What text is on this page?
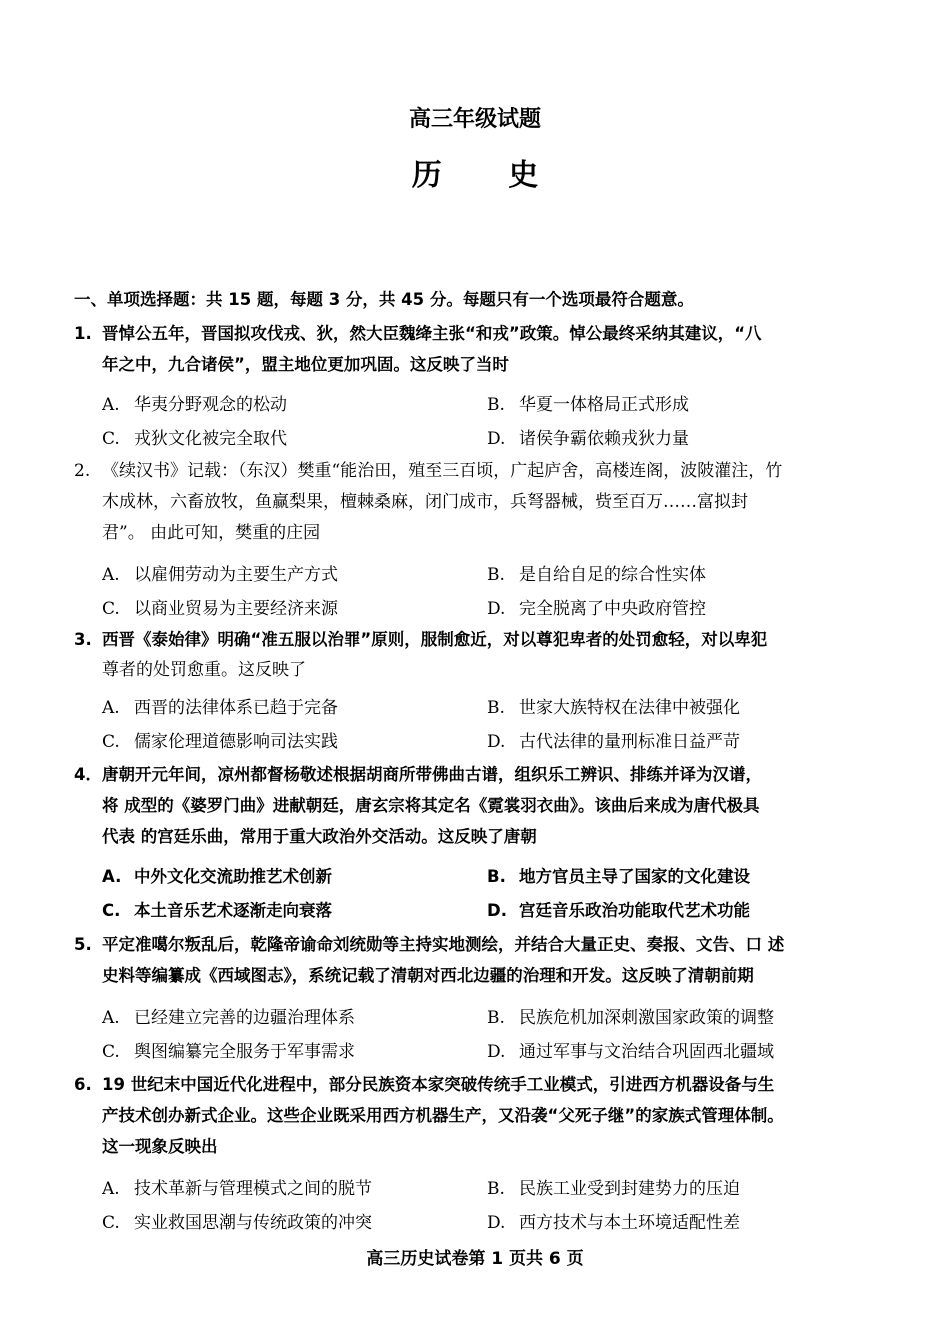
高三年级试题
历 史
一、单项选择题：共 15 题，每题 3 分，共 45 分。每题只有一个选项最符合题意。
1. 晋悼公五年，晋国拟攻伐戎、狄，然大臣魏绛主张“和戎”政策。悼公最终采纳其建议，“八
年之中，九合诸侯”，盟主地位更加巩固。这反映了当时
A. 华夷分野观念的松动	B. 华夏一体格局正式形成
C. 戎狄文化被完全取代	D. 诸侯争霸依赖戎狄力量
2. 《续汉书》记载：（东汉）樊重“能治田，殖至三百顷，广起庐舍，高楼连阁，波陂灌注，竹
木成林，六畜放牧，鱼赢梨果，檀棘桑麻，闭门成市，兵弩器械，赀至百万……富拟封
君”。 由此可知，樊重的庄园
A. 以雇佣劳动为主要生产方式	B. 是自给自足的综合性实体
C. 以商业贸易为主要经济来源	D. 完全脱离了中央政府管控
3. 西晋《泰始律》明确“准五服以治罪”原则，服制愈近，对以尊犯卑者的处罚愈轻，对以卑犯
尊者的处罚愈重。这反映了
A. 西晋的法律体系已趋于完备	B. 世家大族特权在法律中被强化
C. 儒家伦理道德影响司法实践	D. 古代法律的量刑标准日益严苛
4．唐朝开元年间，凉州都督杨敬述根据胡商所带佛曲古谱，组织乐工辨识、排练并译为汉谱，
将 成型的《婆罗门曲》进献朝廷，唐玄宗将其定名《霓裳羽衣曲》。该曲后来成为唐代极具
代表 的宫廷乐曲，常用于重大政治外交活动。这反映了唐朝
A. 中外文化交流助推艺术创新	B. 地方官员主导了国家的文化建设
C. 本土音乐艺术逐渐走向衰落	D. 宫廷音乐政治功能取代艺术功能
5. 平定准噶尔叛乱后，乾隆帝谕命刘统勋等主持实地测绘，并结合大量正史、奏报、文告、口 述
史料等编纂成《西域图志》，系统记载了清朝对西北边疆的治理和开发。这反映了清朝前期
A. 已经建立完善的边疆治理体系	B. 民族危机加深刺激国家政策的调整
C. 舆图编纂完全服务于军事需求	D. 通过军事与文治结合巩固西北疆域
6. 19 世纪末中国近代化进程中，部分民族资本家突破传统手工业模式，引进西方机器设备与生
产技术创办新式企业。这些企业既采用西方机器生产，又沿袭“父死子继”的家族式管理体制。
这一现象反映出
A. 技术革新与管理模式之间的脱节	B. 民族工业受到封建势力的压迫
C. 实业救国思潮与传统政策的冲突	D. 西方技术与本土环境适配性差
高三历史试卷第 1 页共 6 页
